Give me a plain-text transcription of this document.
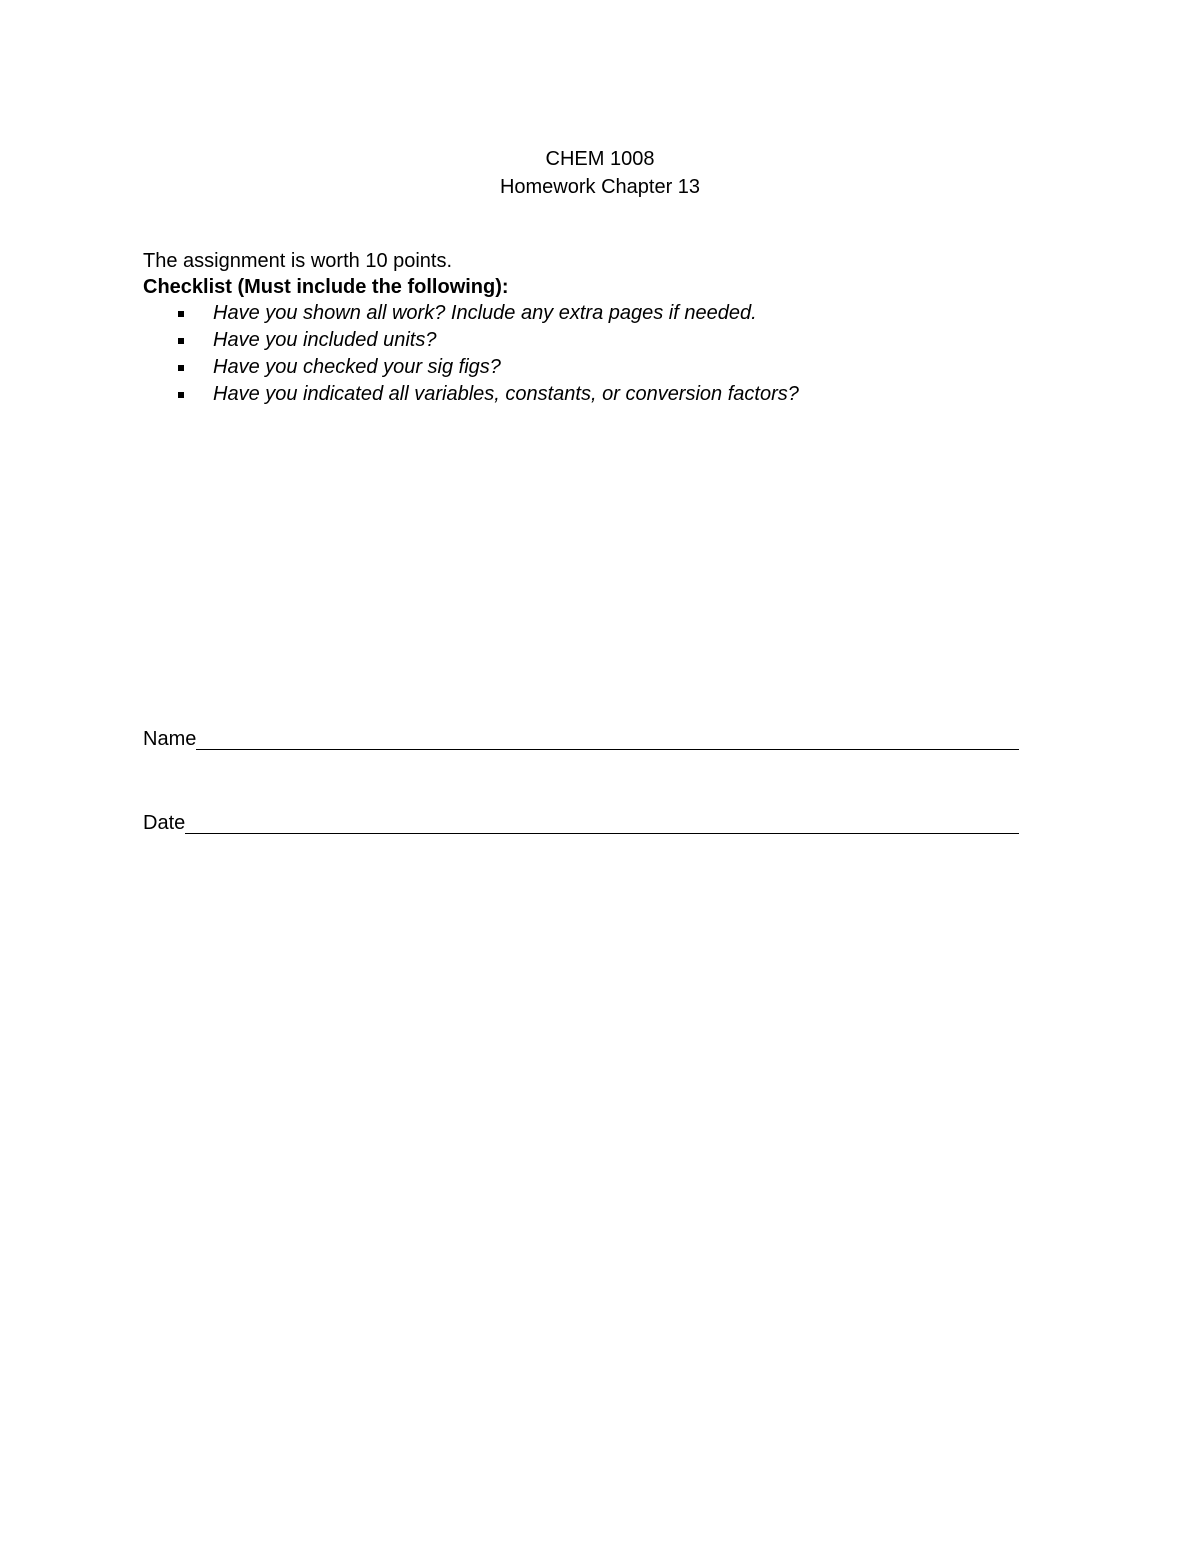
CHEM 1008
Homework Chapter 13

The assignment is worth 10 points.

Checklist (Must include the following):

Have you shown all work? Include any extra pages if needed.
Have you included units?
Have you checked your sig figs?
Have you indicated all variables, constants, or conversion factors?
Name
Date
